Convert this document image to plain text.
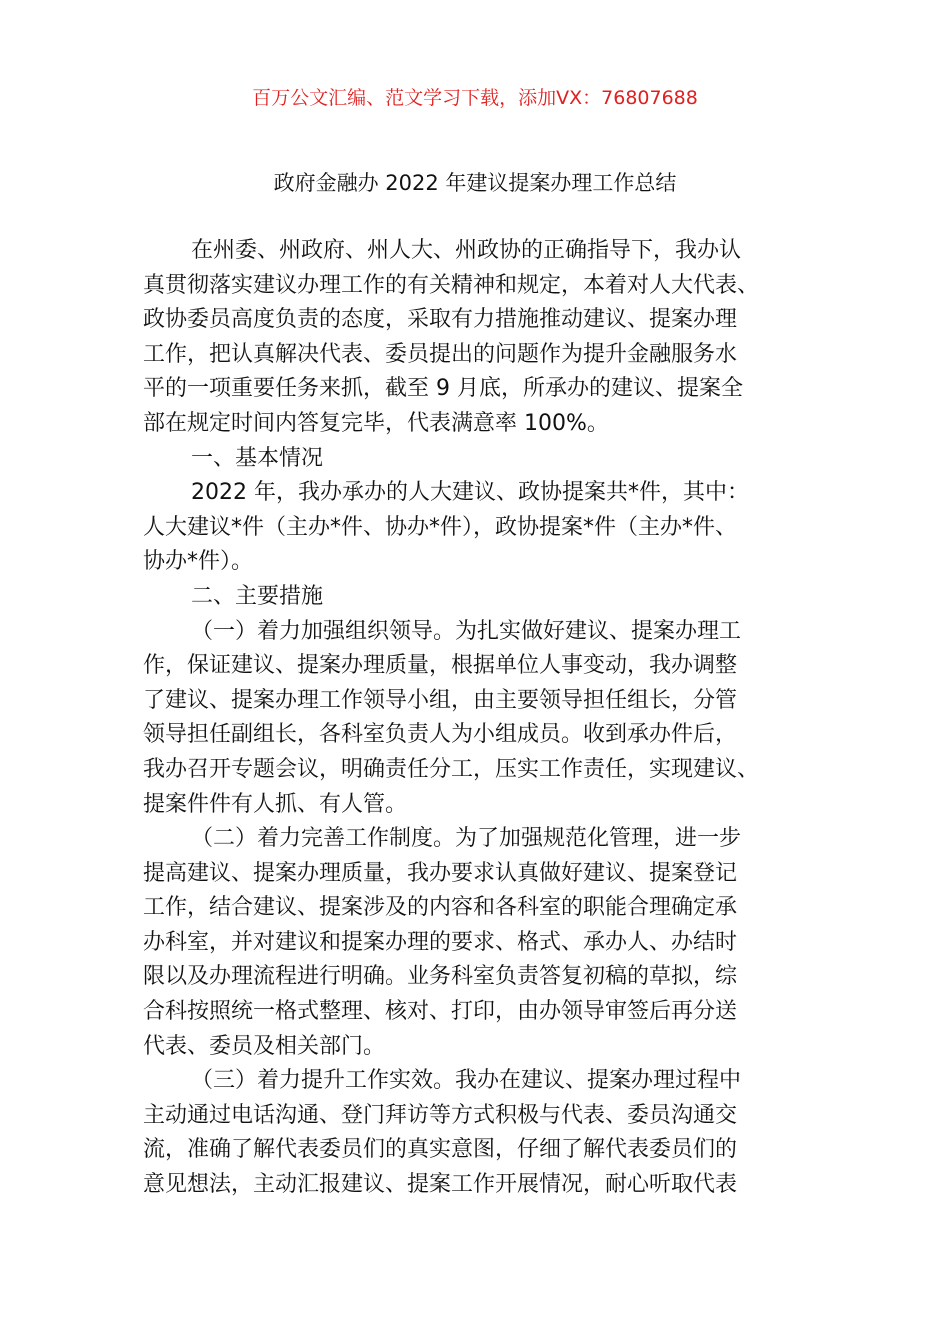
百万公文汇编、范文学习下载，添加VX：76807688
政府金融办 2022 年建议提案办理工作总结
在州委、州政府、州人大、州政协的正确指导下，我办认
真贯彻落实建议办理工作的有关精神和规定，本着对人大代表、
政协委员高度负责的态度，采取有力措施推动建议、提案办理
工作，把认真解决代表、委员提出的问题作为提升金融服务水
平的一项重要任务来抓，截至 9 月底，所承办的建议、提案全
部在规定时间内答复完毕，代表满意率 100%。
一、基本情况
2022 年，我办承办的人大建议、政协提案共*件，其中：
人大建议*件（主办*件、协办*件），政协提案*件（主办*件、
协办*件）。
二、主要措施
（一）着力加强组织领导。为扎实做好建议、提案办理工
作，保证建议、提案办理质量，根据单位人事变动，我办调整
了建议、提案办理工作领导小组，由主要领导担任组长，分管
领导担任副组长，各科室负责人为小组成员。收到承办件后，
我办召开专题会议，明确责任分工，压实工作责任，实现建议、
提案件件有人抓、有人管。
（二）着力完善工作制度。为了加强规范化管理，进一步
提高建议、提案办理质量，我办要求认真做好建议、提案登记
工作，结合建议、提案涉及的内容和各科室的职能合理确定承
办科室，并对建议和提案办理的要求、格式、承办人、办结时
限以及办理流程进行明确。业务科室负责答复初稿的草拟，综
合科按照统一格式整理、核对、打印，由办领导审签后再分送
代表、委员及相关部门。
（三）着力提升工作实效。我办在建议、提案办理过程中
主动通过电话沟通、登门拜访等方式积极与代表、委员沟通交
流，准确了解代表委员们的真实意图，仔细了解代表委员们的
意见想法，主动汇报建议、提案工作开展情况，耐心听取代表
